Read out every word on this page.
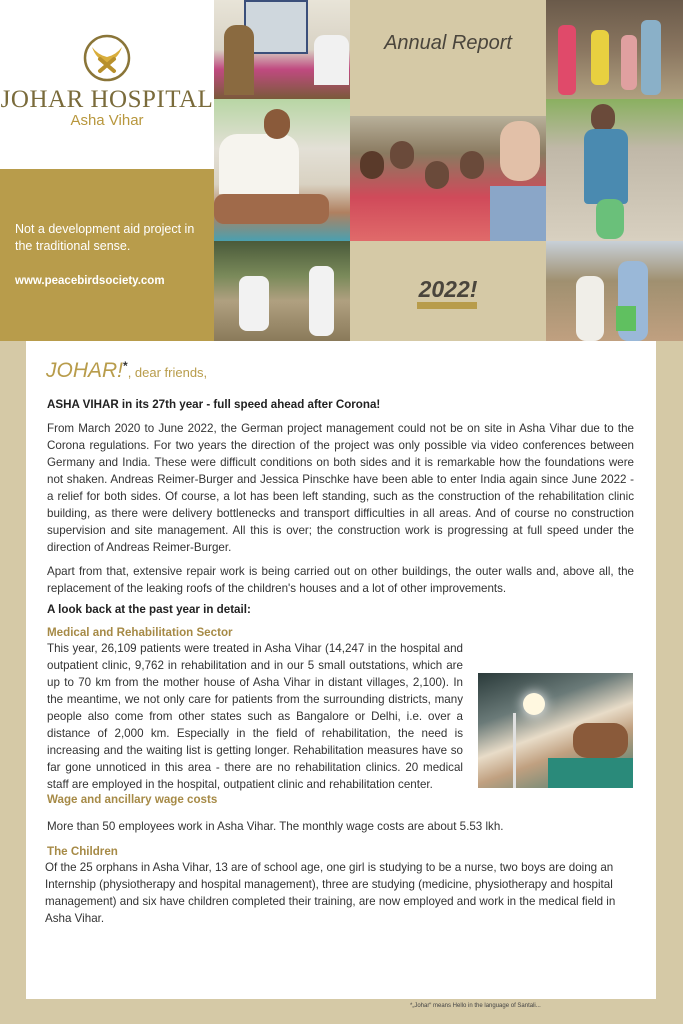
JOHAR HOSPITAL
Asha Vihar
Not a development aid project in the traditional sense.
www.peacebirdsociety.com
Annual Report
2022!
JOHAR!*, dear friends,
ASHA VIHAR in its 27th year - full speed ahead after Corona!
From March 2020 to June 2022, the German project management could not be on site in Asha Vihar due to the Corona regulations. For two years the direction of the project was only possible via video conferences between Germany and India. These were difficult conditions on both sides and it is remarkable how the foundations were not shaken. Andreas Reimer-Burger and Jessica Pinschke have been able to enter India again since June 2022 - a relief for both sides. Of course, a lot has been left standing, such as the construction of the rehabilitation clinic building, as there were delivery bottlenecks and transport difficulties in all areas. And of course no construction supervision and site management. All this is over; the construction work is progressing at full speed under the direction of Andreas Reimer-Burger.
Apart from that, extensive repair work is being carried out on other buildings, the outer walls and, above all, the replacement of the leaking roofs of the children's houses and a lot of other improvements.
A look back at the past year in detail:
Medical and Rehabilitation Sector
This year, 26,109 patients were treated in Asha Vihar (14,247 in the hospital and outpatient clinic, 9,762 in rehabilitation and in our 5 small outstations, which are up to 70 km from the mother house of Asha Vihar in distant villages, 2,100). In the meantime, we not only care for patients from the surrounding districts, many people also come from other states such as Bangalore or Delhi, i.e. over a distance of 2,000 km. Especially in the field of rehabilitation, the need is increasing and the waiting list is getting longer. Rehabilitation measures have so far gone unnoticed in this area - there are no rehabilitation clinics. 20 medical staff are employed in the hospital, outpatient clinic and rehabilitation center.
Wage and ancillary wage costs
More than 50 employees work in Asha Vihar. The monthly wage costs are about 5.53 lkh.
The Children
Of the 25 orphans in Asha Vihar, 13 are of school age, one girl is studying to be a nurse, two boys are doing an Internship (physiotherapy and hospital management), three are studying (medicine, physiotherapy and hospital management) and six have children completed their training, are now employed and work in the medical field in Asha Vihar.
*„Johar“ means Hello in the language of Santali...
